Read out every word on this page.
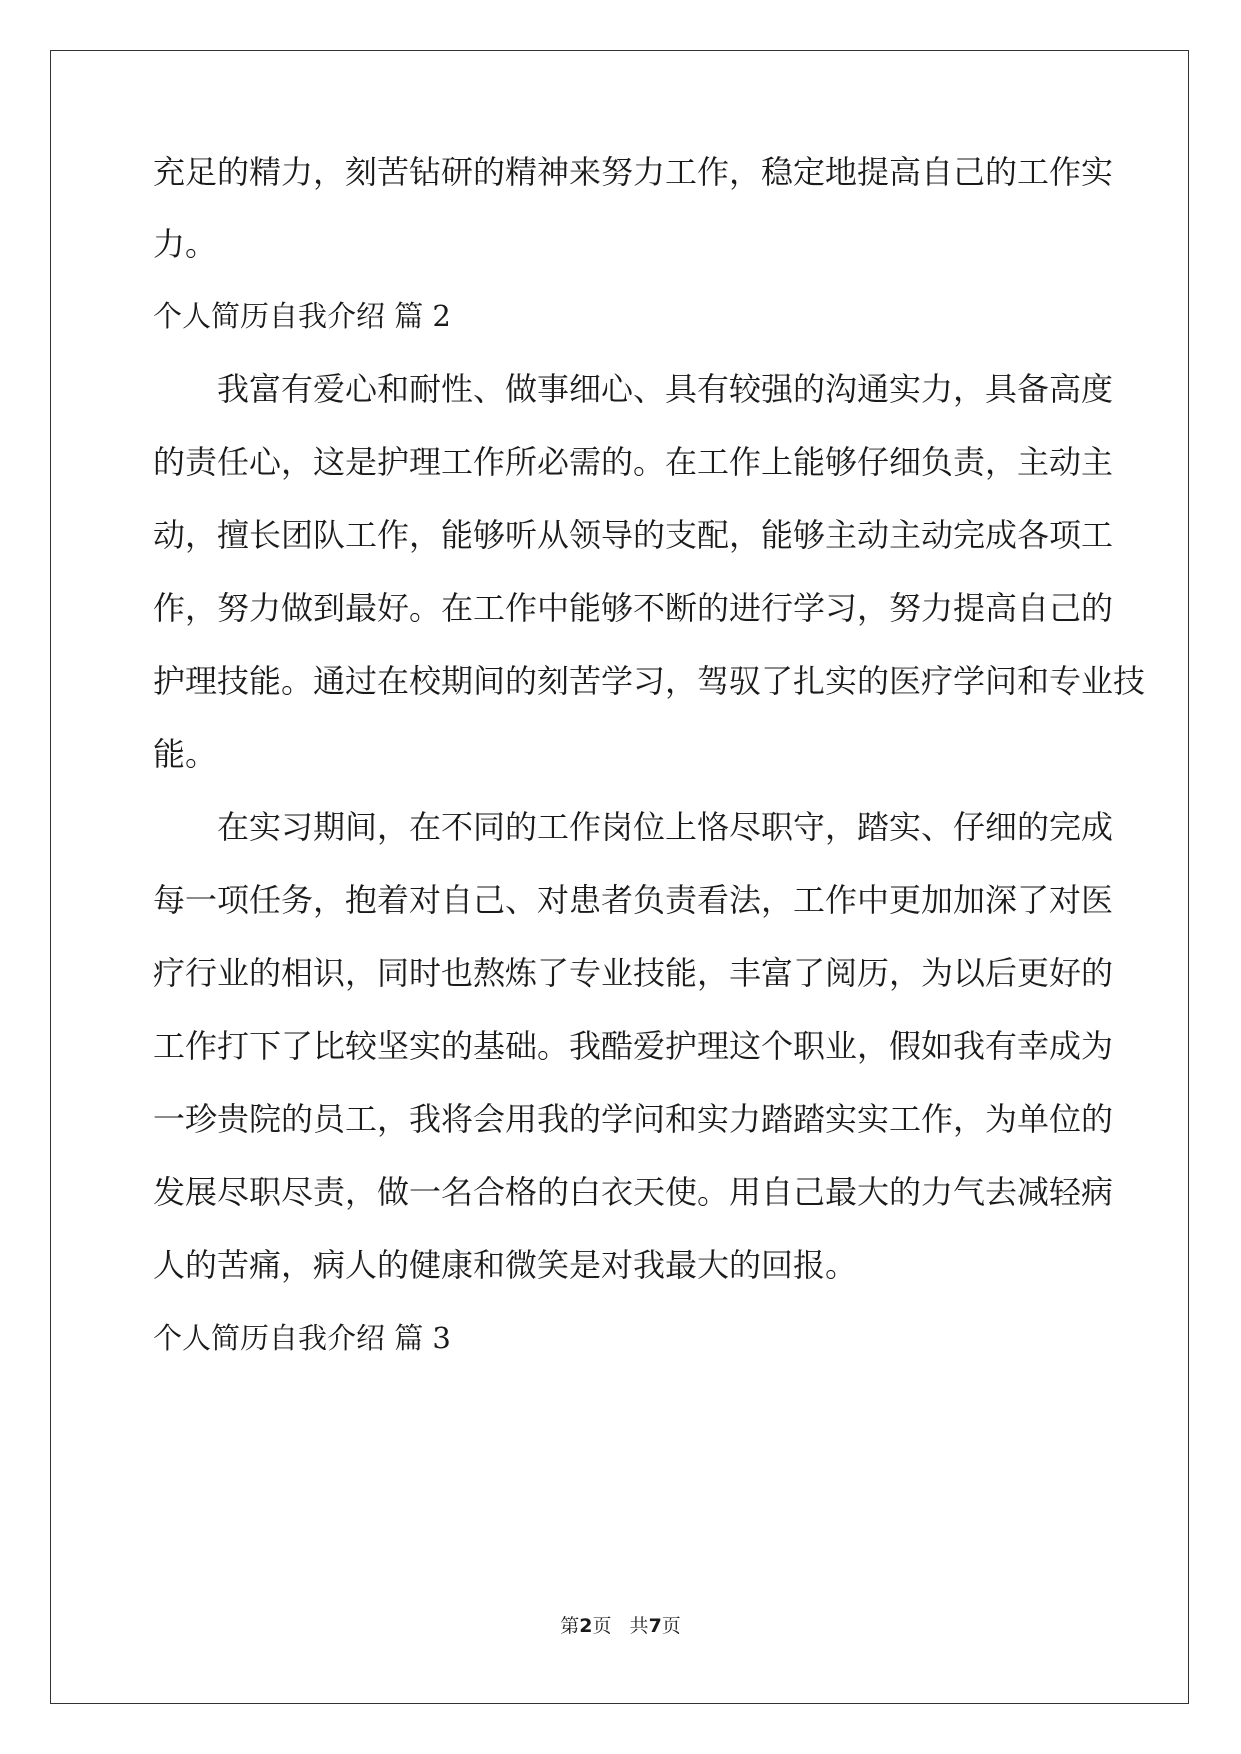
充足的精力，刻苦钻研的精神来努力工作，稳定地提高自己的工作实
力。
个人简历自我介绍 篇 2
　　我富有爱心和耐性、做事细心、具有较强的沟通实力，具备高度
的责任心，这是护理工作所必需的。在工作上能够仔细负责，主动主
动，擅长团队工作，能够听从领导的支配，能够主动主动完成各项工
作，努力做到最好。在工作中能够不断的进行学习，努力提高自己的
护理技能。通过在校期间的刻苦学习，驾驭了扎实的医疗学问和专业技
能。
　　在实习期间，在不同的工作岗位上恪尽职守，踏实、仔细的完成
每一项任务，抱着对自己、对患者负责看法，工作中更加加深了对医
疗行业的相识，同时也熬炼了专业技能，丰富了阅历，为以后更好的
工作打下了比较坚实的基础。我酷爱护理这个职业，假如我有幸成为
一珍贵院的员工，我将会用我的学问和实力踏踏实实工作，为单位的
发展尽职尽责，做一名合格的白衣天使。用自己最大的力气去减轻病
人的苦痛，病人的健康和微笑是对我最大的回报。
个人简历自我介绍 篇 3
第2页   共7页
